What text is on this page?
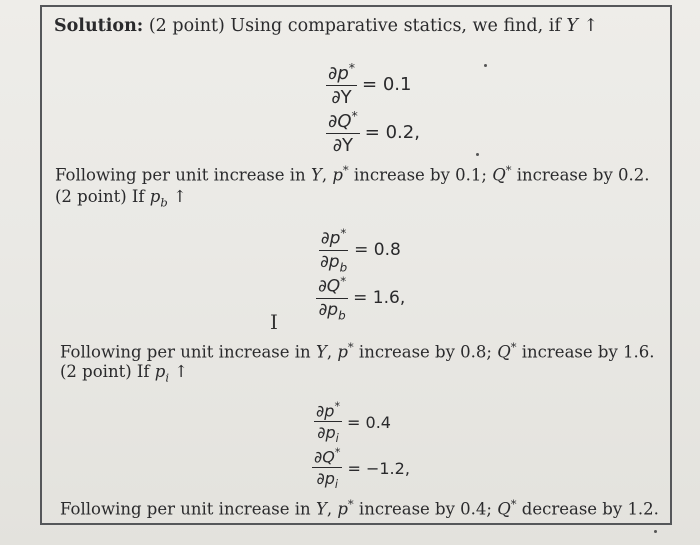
Solution: (2 point) Using comparative statics, we find, if Y ↑
$\frac{\partial p^*}{\partial Y} = 0.1$
$\frac{\partial Q^*}{\partial Y} = 0.2$,
Following per unit increase in Y, p* increase by 0.1; Q* increase by 0.2.
(2 point) If $p_b$ ↑
$\frac{\partial p^*}{\partial p_b} = 0.8$
$\frac{\partial Q^*}{\partial p_b} = 1.6$,
I
Following per unit increase in Y, p* increase by 0.8; Q* increase by 1.6.
(2 point) If $p_i$ ↑
$\frac{\partial p^*}{\partial p_i} = 0.4$
$\frac{\partial Q^*}{\partial p_i} = -1.2$,
Following per unit increase in Y, p* increase by 0.4; Q* decrease by 1.2.
